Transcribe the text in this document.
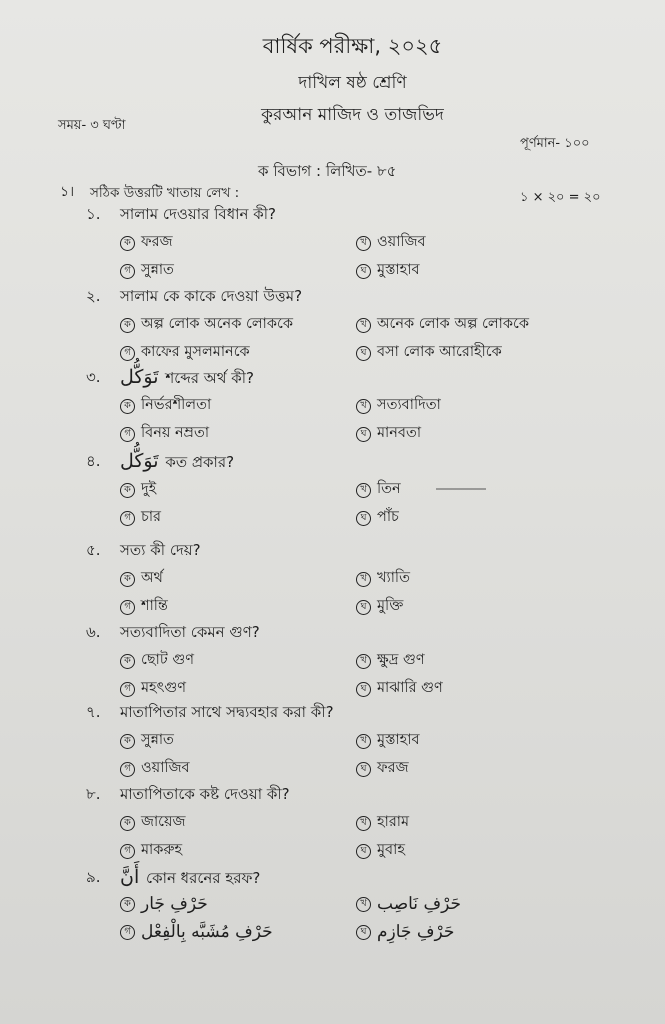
বার্ষিক পরীক্ষা, ২০২৫
দাখিল ষষ্ঠ শ্রেণি
কুরআন মাজিদ ও তাজভিদ
সময়- ৩ ঘণ্টা
পূর্ণমান- ১০০
ক বিভাগ : লিখিত- ৮৫
১। সঠিক উত্তরটি খাতায় লেখ :	১ × ২০ = ২০
১. সালাম দেওয়ার বিধান কী?
ক ফরজ	খ ওয়াজিব
গ সুন্নাত	ঘ মুস্তাহাব
২. সালাম কে কাকে দেওয়া উত্তম?
ক অল্প লোক অনেক লোককে	খ অনেক লোক অল্প লোককে
গ কাফের মুসলমানকে	ঘ বসা লোক আরোহীকে
৩. تَوَكُّل শব্দের অর্থ কী?
ক নির্ভরশীলতা	খ সত্যবাদিতা
গ বিনয় নম্রতা	ঘ মানবতা
৪. تَوَكُّل কত প্রকার?
ক দুই	খ তিন
গ চার	ঘ পাঁচ
৫. সত্য কী দেয়?
ক অর্থ	খ খ্যাতি
গ শান্তি	ঘ মুক্তি
৬. সত্যবাদিতা কেমন গুণ?
ক ছোট গুণ	খ ক্ষুদ্র গুণ
গ মহৎগুণ	ঘ মাঝারি গুণ
৭. মাতাপিতার সাথে সদ্ব্যবহার করা কী?
ক সুন্নাত	খ মুস্তাহাব
গ ওয়াজিব	ঘ ফরজ
৮. মাতাপিতাকে কষ্ট দেওয়া কী?
ক জায়েজ	খ হারাম
গ মাকরুহ	ঘ মুবাহ
৯. أَنَّ কোন ধরনের হরফ?
ক حَرْفِ جَار	খ حَرْفِ نَاصِب
গ حَرْفِ مُشَبَّه بِالْفِعْل	ঘ حَرْفِ جَازِم
